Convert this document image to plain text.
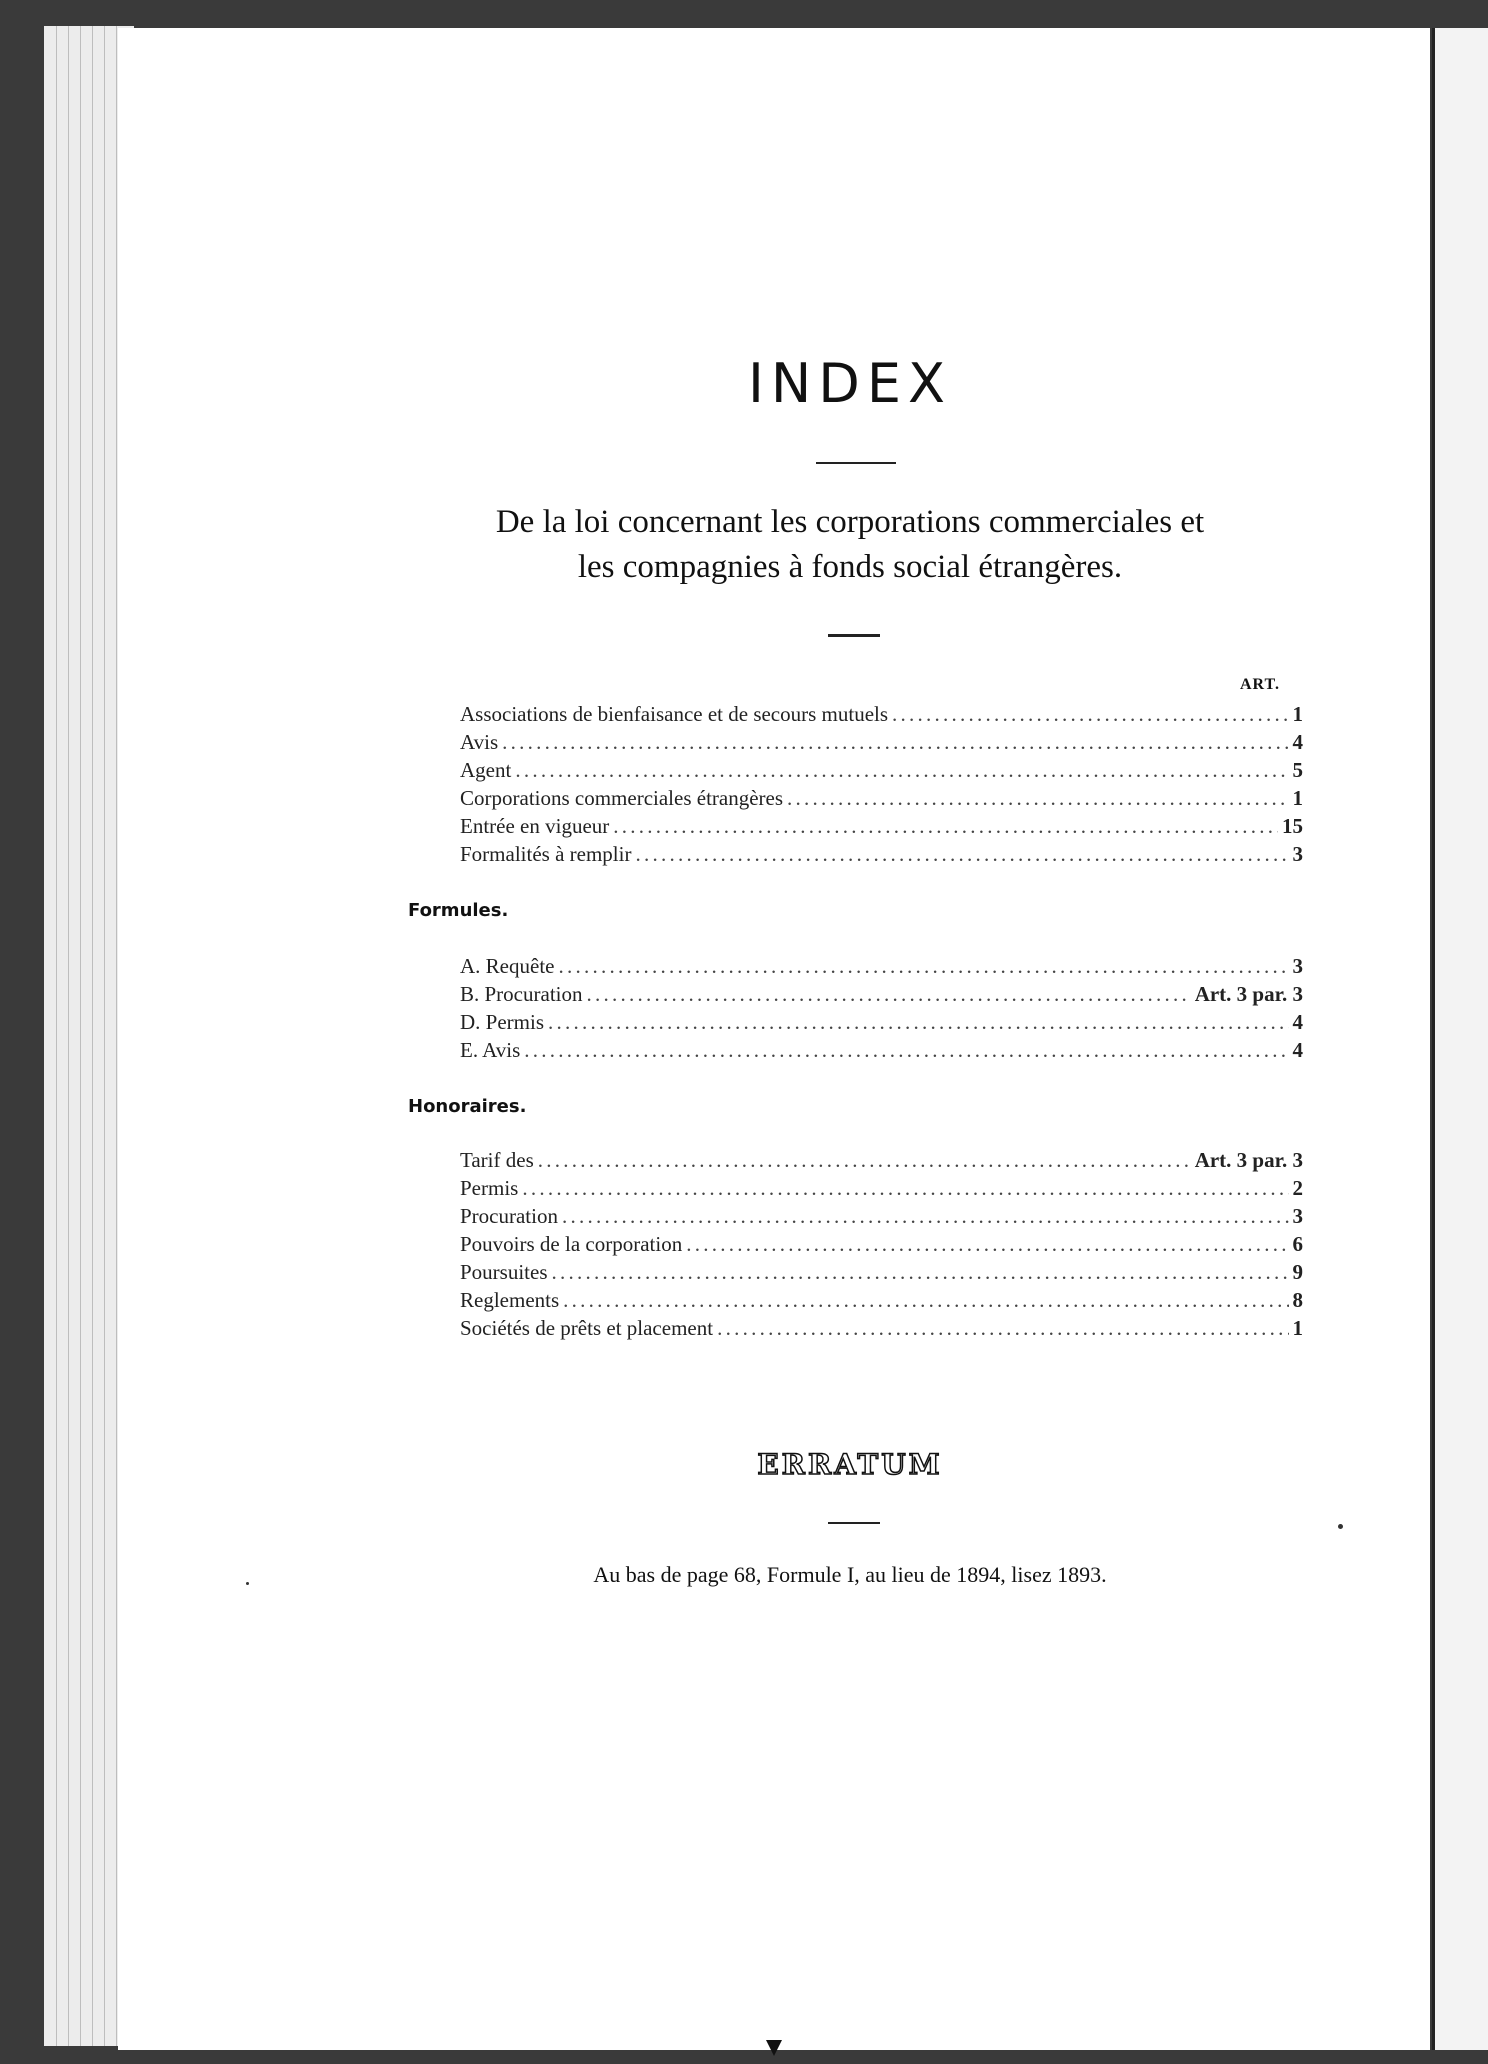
INDEX
De la loi concernant les corporations commerciales et
les compagnies à fonds social étrangères.
ART.
Associations de bienfaisance et de secours mutuels . . .	1
Avis . . .	4
Agent . . .	5
Corporations commerciales étrangères . . .	1
Entrée en vigueur . . .	15
Formalités à remplir . . .	3
Formules.
A. Requête . . .	3
B. Procuration . . .	Art. 3 par. 3
D. Permis . . .	4
E. Avis . . .	4
Honoraires.
Tarif des . . .	Art. 3 par. 3
Permis . . .	2
Procuration . . .	3
Pouvoirs de la corporation . . .	6
Poursuites . . .	9
Reglements . . .	8
Sociétés de prêts et placement . . .	1
ERRATUM
Au bas de page 68, Formule I, au lieu de 1894, lisez 1893.
